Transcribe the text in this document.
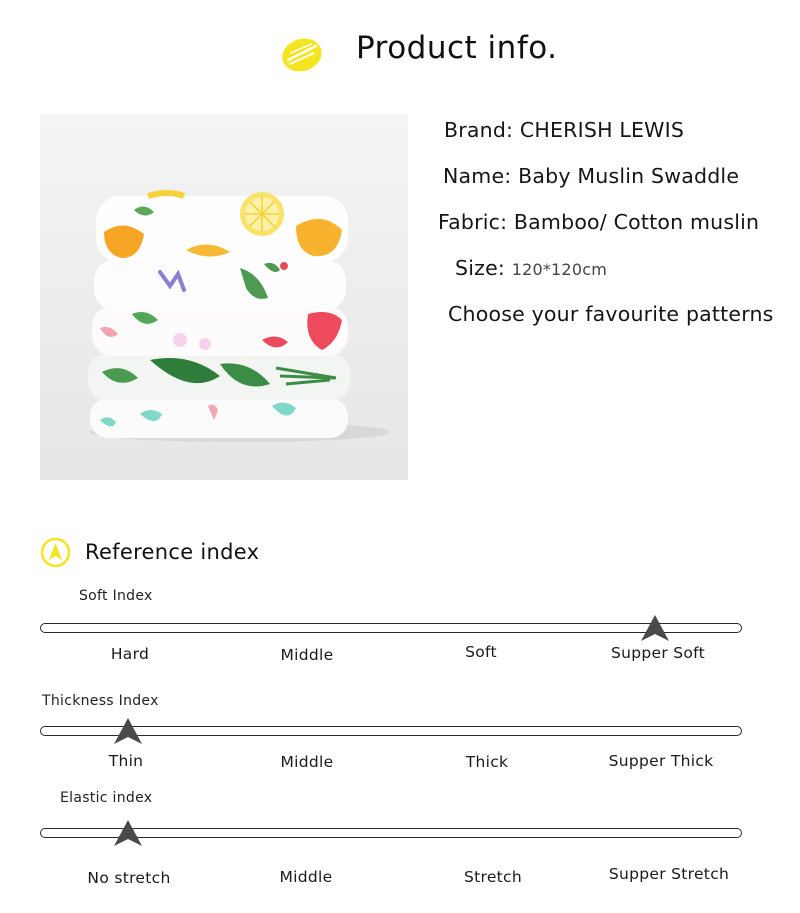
Product info.
Brand: CHERISH LEWIS
Name: Baby Muslin Swaddle
Fabric: Bamboo/ Cotton muslin
Size: 120*120cm
Choose your favourite patterns
Reference index
Soft Index
Hard	Middle	Soft	Supper Soft
Thickness Index
Thin	Middle	Thick	Supper Thick
Elastic index
No stretch	Middle	Stretch	Supper Stretch
